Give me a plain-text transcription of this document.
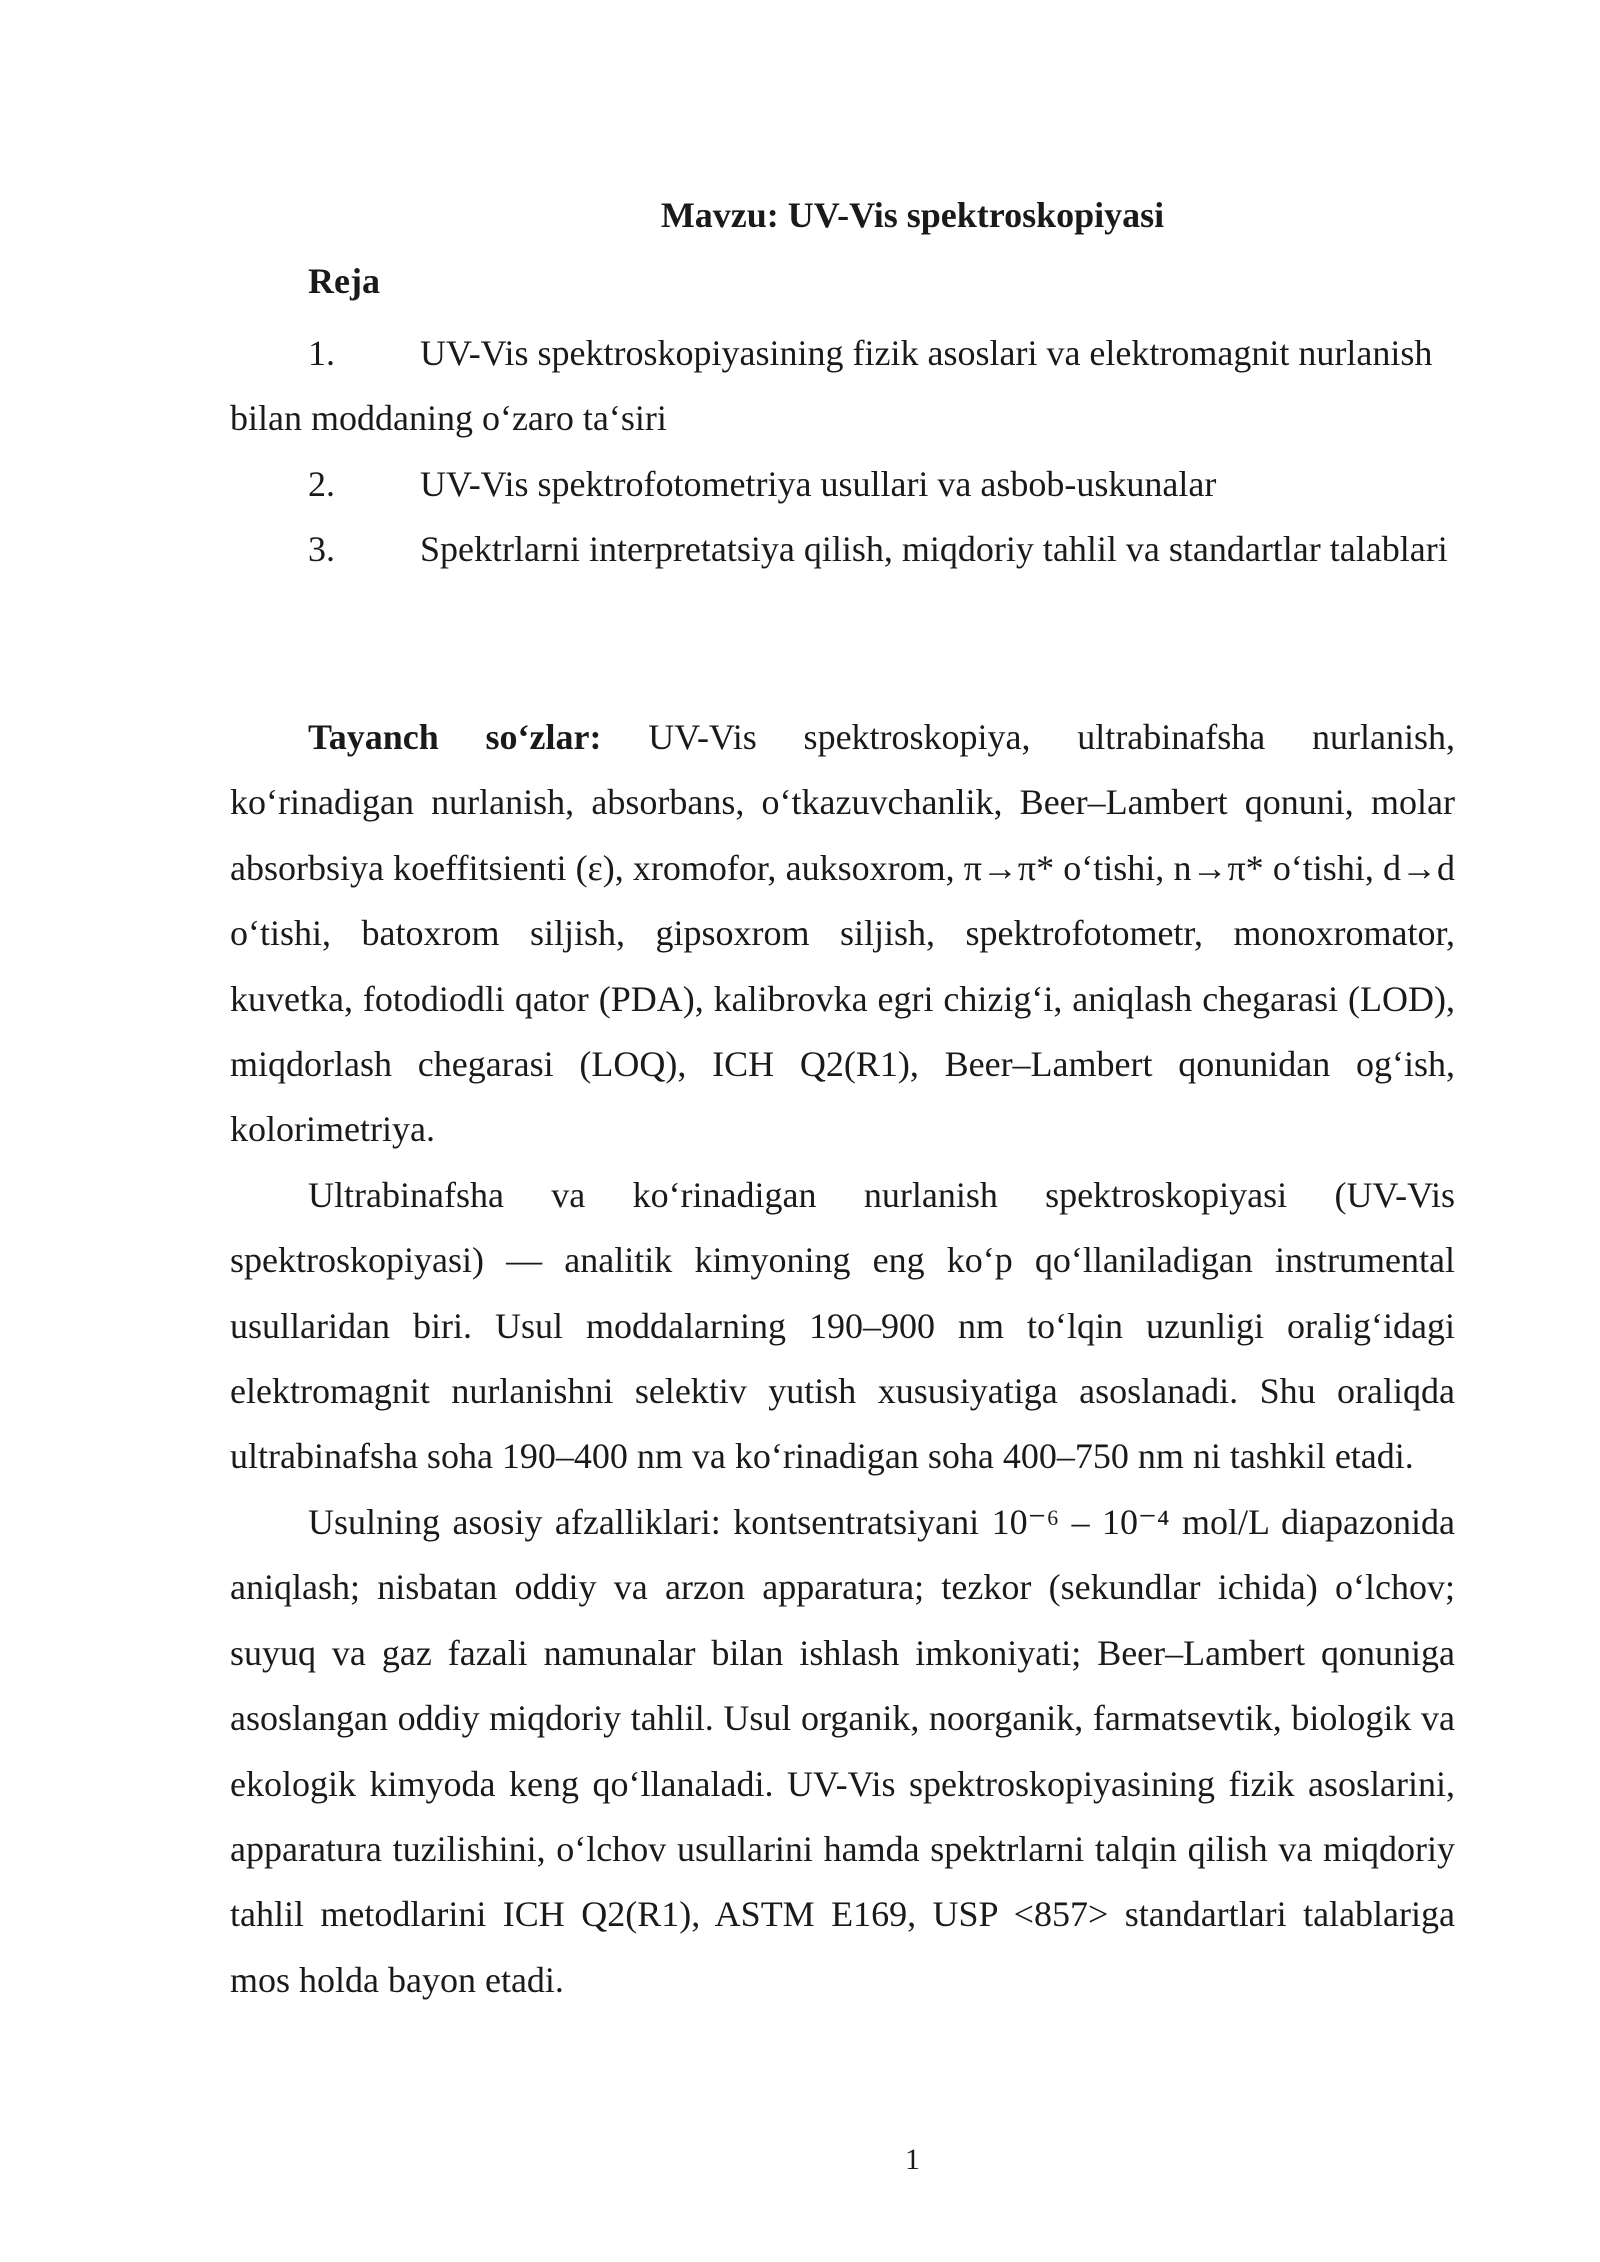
Mavzu: UV-Vis spektroskopiyasi
Reja

1. UV-Vis spektroskopiyasining fizik asoslari va elektromagnit nurlanish bilan moddaning o‘zaro ta‘siri

2. UV-Vis spektrofotometriya usullari va asbob-uskunalar

3. Spektrlarni interpretatsiya qilish, miqdoriy tahlil va standartlar talablari

Tayanch so‘zlar: UV-Vis spektroskopiya, ultrabinafsha nurlanish, ko‘rinadigan nurlanish, absorbans, o‘tkazuvchanlik, Beer–Lambert qonuni, molar absorbsiya koeffitsienti (ε), xromofor, auksoxrom, π→π* o‘tishi, n→π* o‘tishi, d→d o‘tishi, batoxrom siljish, gipsoxrom siljish, spektrofotometr, monoxromator, kuvetka, fotodiodli qator (PDA), kalibrovka egri chizig‘i, aniqlash chegarasi (LOD), miqdorlash chegarasi (LOQ), ICH Q2(R1), Beer–Lambert qonunidan og‘ish, kolorimetriya.

Ultrabinafsha va ko‘rinadigan nurlanish spektroskopiyasi (UV-Vis spektroskopiyasi) — analitik kimyoning eng ko‘p qo‘llaniladigan instrumental usullaridan biri. Usul moddalarning 190–900 nm to‘lqin uzunligi oralig‘idagi elektromagnit nurlanishni selektiv yutish xususiyatiga asoslanadi. Shu oraliqda ultrabinafsha soha 190–400 nm va ko‘rinadigan soha 400–750 nm ni tashkil etadi.

Usulning asosiy afzalliklari: kontsentratsiyani 10⁻⁶ – 10⁻⁴ mol/L diapazonida aniqlash; nisbatan oddiy va arzon apparatura; tezkor (sekundlar ichida) o‘lchov; suyuq va gaz fazali namunalar bilan ishlash imkoniyati; Beer–Lambert qonuniga asoslangan oddiy miqdoriy tahlil. Usul organik, noorganik, farmatsevtik, biologik va ekologik kimyoda keng qo‘llanaladi. UV-Vis spektroskopiyasining fizik asoslarini, apparatura tuzilishini, o‘lchov usullarini hamda spektrlarni talqin qilish va miqdoriy tahlil metodlarini ICH Q2(R1), ASTM E169, USP <857> standartlari talablariga mos holda bayon etadi.

1
